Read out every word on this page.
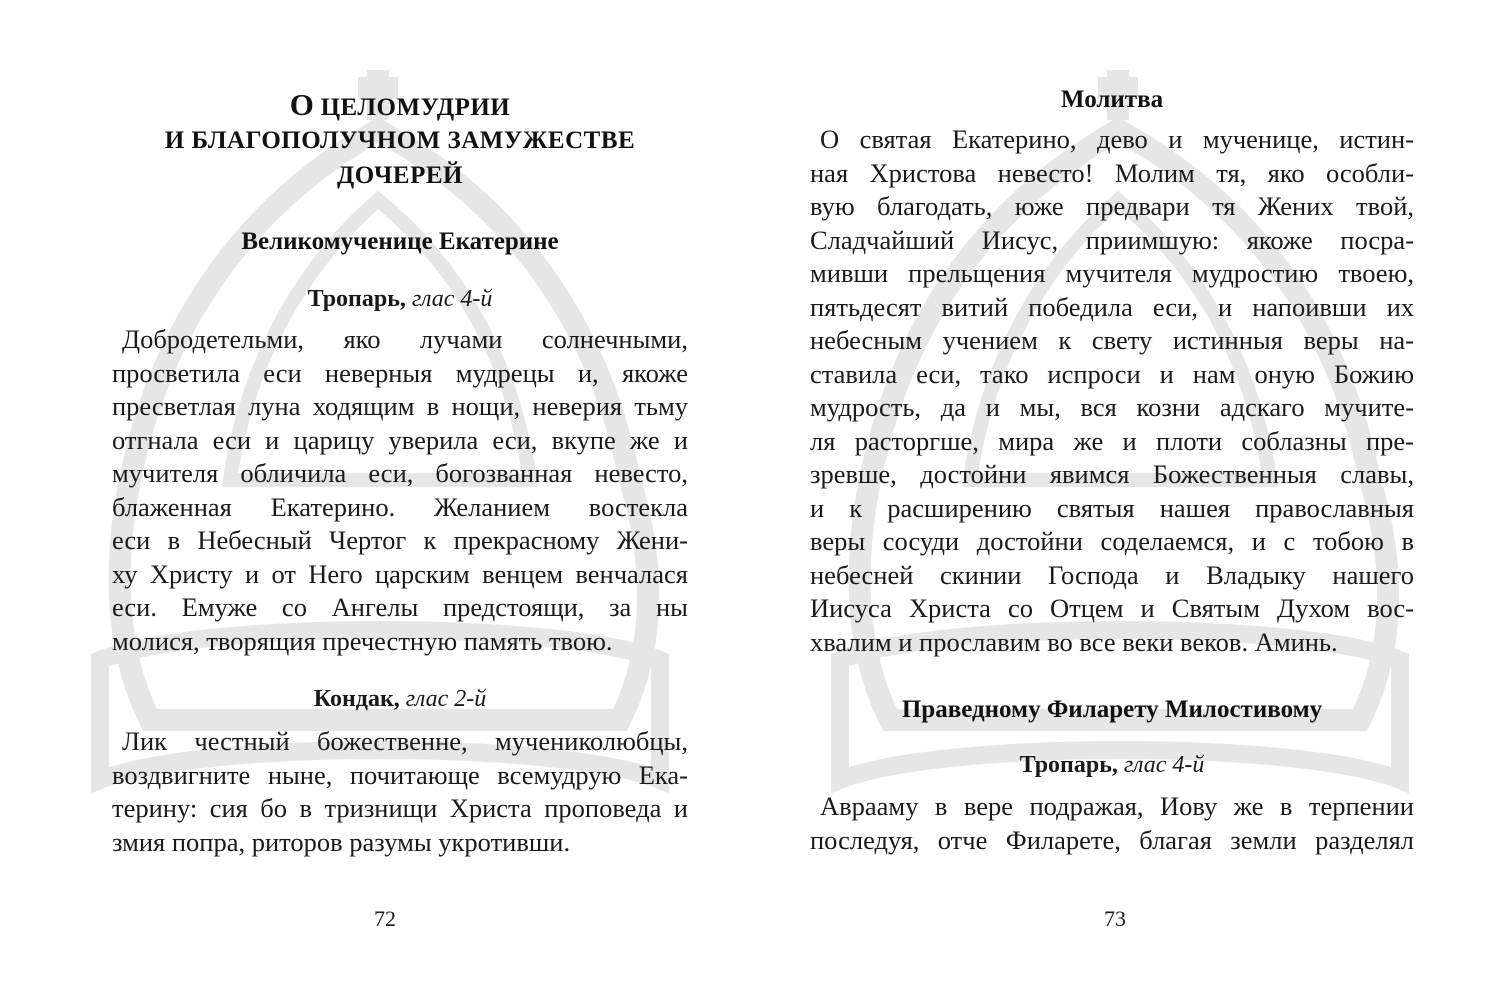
О ЦЕЛОМУДРИИ
И БЛАГОПОЛУЧНОМ ЗАМУЖЕСТВЕ
ДОЧЕРЕЙ
Великомученице Екатерине
Тропарь, глас 4-й
Добродетельми, яко лучами солнечными,
просветила еси неверныя мудрецы и, якоже
пресветлая луна ходящим в нощи, неверия тьму
отгнала еси и царицу уверила еси, вкупе же и
мучителя обличила еси, богозванная невесто,
блаженная Екатерино. Желанием востекла
еси в Небесный Чертог к прекрасному Жени-
ху Христу и от Него царским венцем венчалася
еси. Емуже со Ангелы предстоящи, за ны
молися, творящия пречестную память твою.
Кондак, глас 2-й
Лик честный божественне, мучениколюбцы,
воздвигните ныне, почитающе всемудрую Ека-
терину: сия бо в тризнищи Христа проповеда и
змия попра, риторов разумы укротивши.
72
Молитва
О святая Екатерино, дево и мученице, истин-
ная Христова невесто! Молим тя, яко особли-
вую благодать, юже предвари тя Жених твой,
Сладчайший Иисус, приимшую: якоже посра-
мивши прельщения мучителя мудростию твоею,
пятьдесят витий победила еси, и напоивши их
небесным учением к свету истинныя веры на-
ставила еси, тако испроси и нам оную Божию
мудрость, да и мы, вся козни адскаго мучите-
ля расторгше, мира же и плоти соблазны пре-
зревше, достойни явимся Божественныя славы,
и к расширению святыя нашея православныя
веры сосуди достойни соделаемся, и с тобою в
небесней скинии Господа и Владыку нашего
Иисуса Христа со Отцем и Святым Духом вос-
хвалим и прославим во все веки веков. Аминь.
Праведному Филарету Милостивому
Тропарь, глас 4-й
Аврааму в вере подражая, Иову же в терпении
последуя, отче Филарете, благая земли разделял
73
